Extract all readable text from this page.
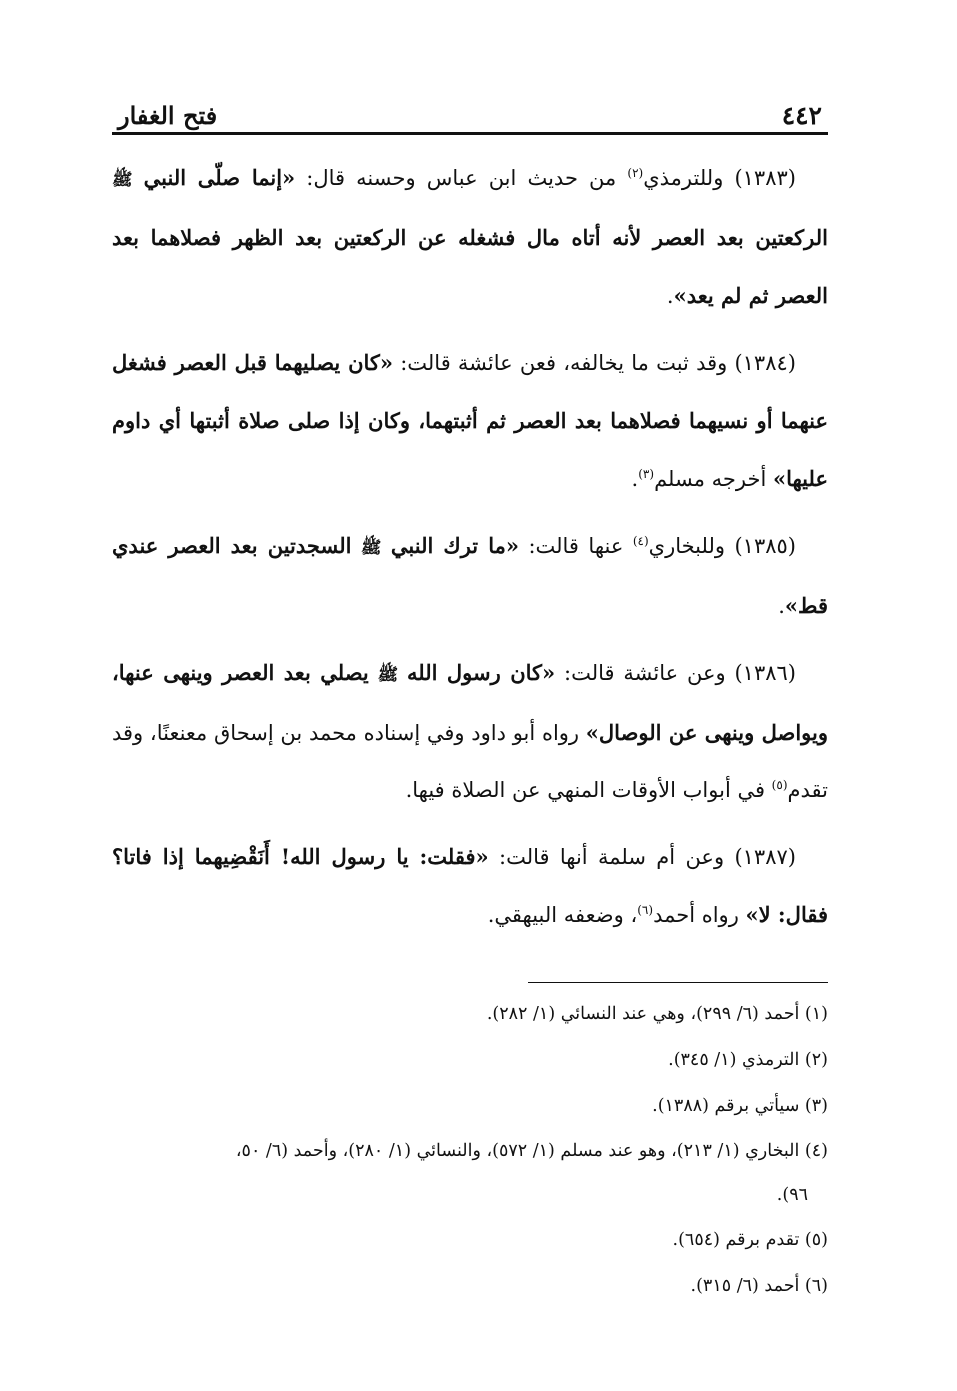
٤٤٢
فتح الغفار

(١٣٨٣) وللترمذي$^{(٢)}$ من حديث ابن عباس وحسنه قال: «إنما صلّى النبي ﷺ الركعتين بعد العصر لأنه أتاه مال فشغله عن الركعتين بعد الظهر فصلاهما بعد العصر ثم لم يعد».

(١٣٨٤) وقد ثبت ما يخالفه، فعن عائشة قالت: «كان يصليهما قبل العصر فشغل عنهما أو نسيهما فصلاهما بعد العصر ثم أثبتهما، وكان إذا صلى صلاة أثبتها أي داوم عليها» أخرجه مسلم$^{(٣)}$.

(١٣٨٥) وللبخاري$^{(٤)}$ عنها قالت: «ما ترك النبي ﷺ السجدتين بعد العصر عندي قط».

(١٣٨٦) وعن عائشة قالت: «كان رسول الله ﷺ يصلي بعد العصر وينهى عنها، ويواصل وينهى عن الوصال» رواه أبو داود وفي إسناده محمد بن إسحاق معنعنًا، وقد تقدم$^{(٥)}$ في أبواب الأوقات المنهي عن الصلاة فيها.

(١٣٨٧) وعن أم سلمة أنها قالت: «فقلت: يا رسول الله! أَنَقْضِيهما إذا فاتا؟ فقال: لا» رواه أحمد$^{(٦)}$، وضعفه البيهقي.

(١) أحمد (٦/ ٢٩٩)، وهي عند النسائي (١/ ٢٨٢).

(٢) الترمذي (١/ ٣٤٥).

(٣) سيأتي برقم (١٣٨٨).

(٤) البخاري (١/ ٢١٣)، وهو عند مسلم (١/ ٥٧٢)، والنسائي (١/ ٢٨٠)، وأحمد (٦/ ٥٠،
٩٦).

(٥) تقدم برقم (٦٥٤).

(٦) أحمد (٦/ ٣١٥).
